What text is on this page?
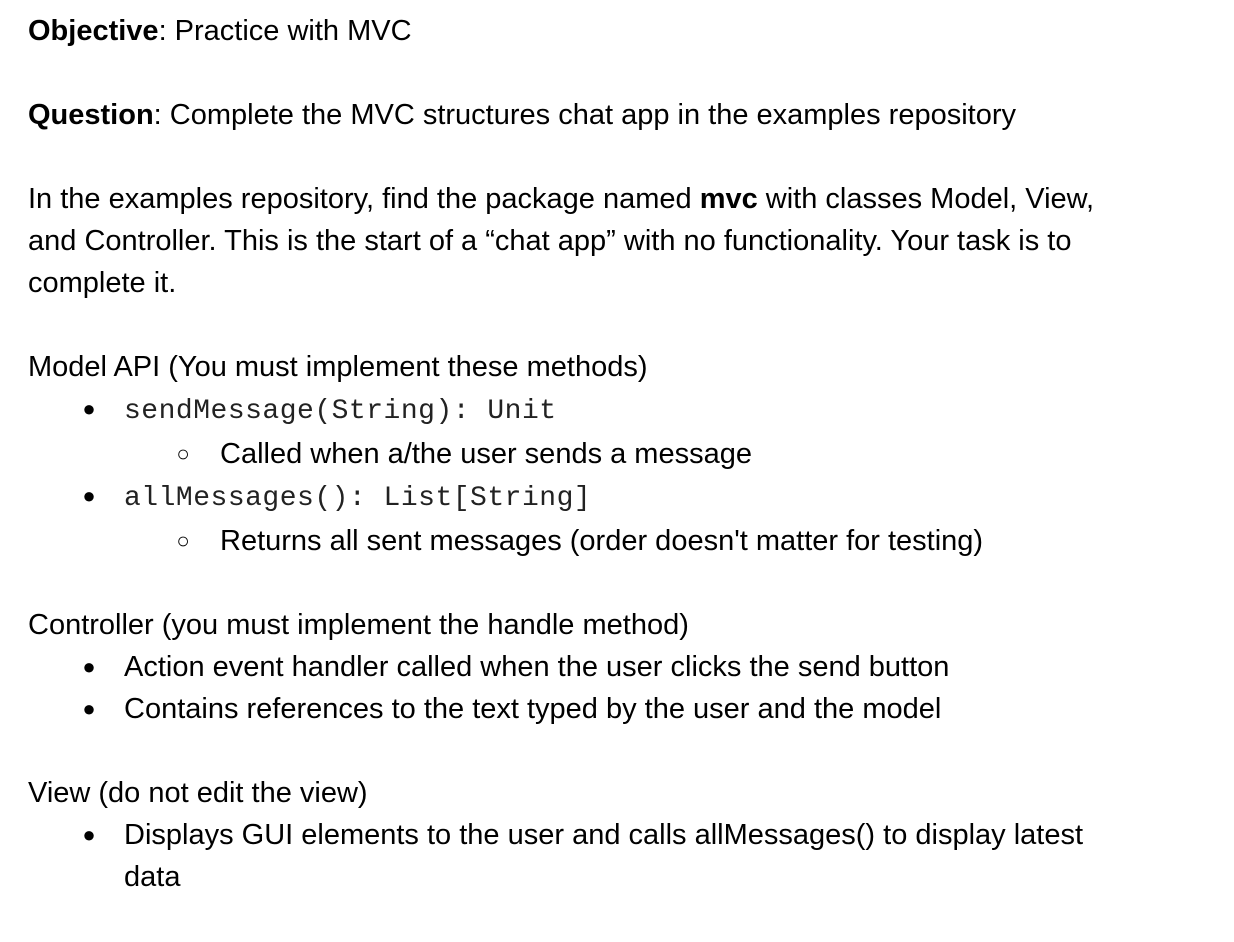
Objective: Practice with MVC

Question: Complete the MVC structures chat app in the examples repository

In the examples repository, find the package named mvc with classes Model, View,

and Controller. This is the start of a “chat app” with no functionality. Your task is to

complete it.

Model API (You must implement these methods)

● sendMessage(String): Unit
○ Called when a/the user sends a message
● allMessages(): List[String]
○ Returns all sent messages (order doesn't matter for testing)

Controller (you must implement the handle method)

● Action event handler called when the user clicks the send button
● Contains references to the text typed by the user and the model

View (do not edit the view)

● Displays GUI elements to the user and calls allMessages() to display latest
data
